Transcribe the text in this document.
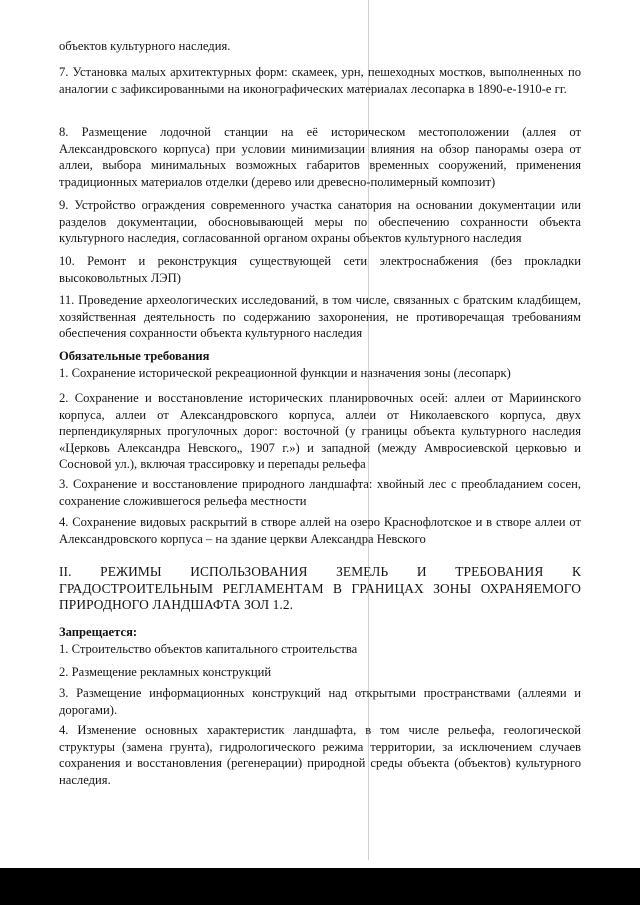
объектов культурного наследия.

7. Установка малых архитектурных форм: скамеек, урн, пешеходных мостков, выполненных по аналогии с зафиксированными на иконографических материалах лесопарка в 1890-е-1910-е гг.

8. Размещение лодочной станции на её историческом местоположении (аллея от Александровского корпуса) при условии минимизации влияния на обзор панорамы озера от аллеи, выбора минимальных возможных габаритов временных сооружений, применения традиционных материалов отделки (дерево или древесно-полимерный композит)

9. Устройство ограждения современного участка санатория на основании документации или разделов документации, обосновывающей меры по обеспечению сохранности объекта культурного наследия, согласованной органом охраны объектов культурного наследия

10. Ремонт и реконструкция существующей сети электроснабжения (без прокладки высоковольтных ЛЭП)

11. Проведение археологических исследований, в том числе, связанных с братским кладбищем, хозяйственная деятельность по содержанию захоронения, не противоречащая требованиям обеспечения сохранности объекта культурного наследия

Обязательные требования

1. Сохранение исторической рекреационной функции и назначения зоны (лесопарк)

2. Сохранение и восстановление исторических планировочных осей: аллеи от Мариинского корпуса, аллеи от Александровского корпуса, аллеи от Николаевского корпуса, двух перпендикулярных прогулочных дорог: восточной (у границы объекта культурного наследия «Церковь Александра Невского„ 1907 г.») и западной (между Амвросиевской церковью и Сосновой ул.), включая трассировку и перепады рельефа

3. Сохранение и восстановление природного ландшафта: хвойный лес с преобладанием сосен, сохранение сложившегося рельефа местности

4. Сохранение видовых раскрытий в створе аллей на озеро Краснофлотское и в створе аллеи от Александровского корпуса – на здание церкви Александра Невского

II. РЕЖИМЫ ИСПОЛЬЗОВАНИЯ ЗЕМЕЛЬ И ТРЕБОВАНИЯ К ГРАДОСТРОИТЕЛЬНЫМ РЕГЛАМЕНТАМ В ГРАНИЦАХ ЗОНЫ ОХРАНЯЕМОГО ПРИРОДНОГО ЛАНДШАФТА ЗОЛ 1.2.

Запрещается:

1. Строительство объектов капитального строительства

2. Размещение рекламных конструкций

3. Размещение информационных конструкций над открытыми пространствами (аллеями и дорогами).

4. Изменение основных характеристик ландшафта, в том числе рельефа, геологической структуры (замена грунта), гидрологического режима территории, за исключением случаев сохранения и восстановления (регенерации) природной среды объекта (объектов) культурного наследия.
